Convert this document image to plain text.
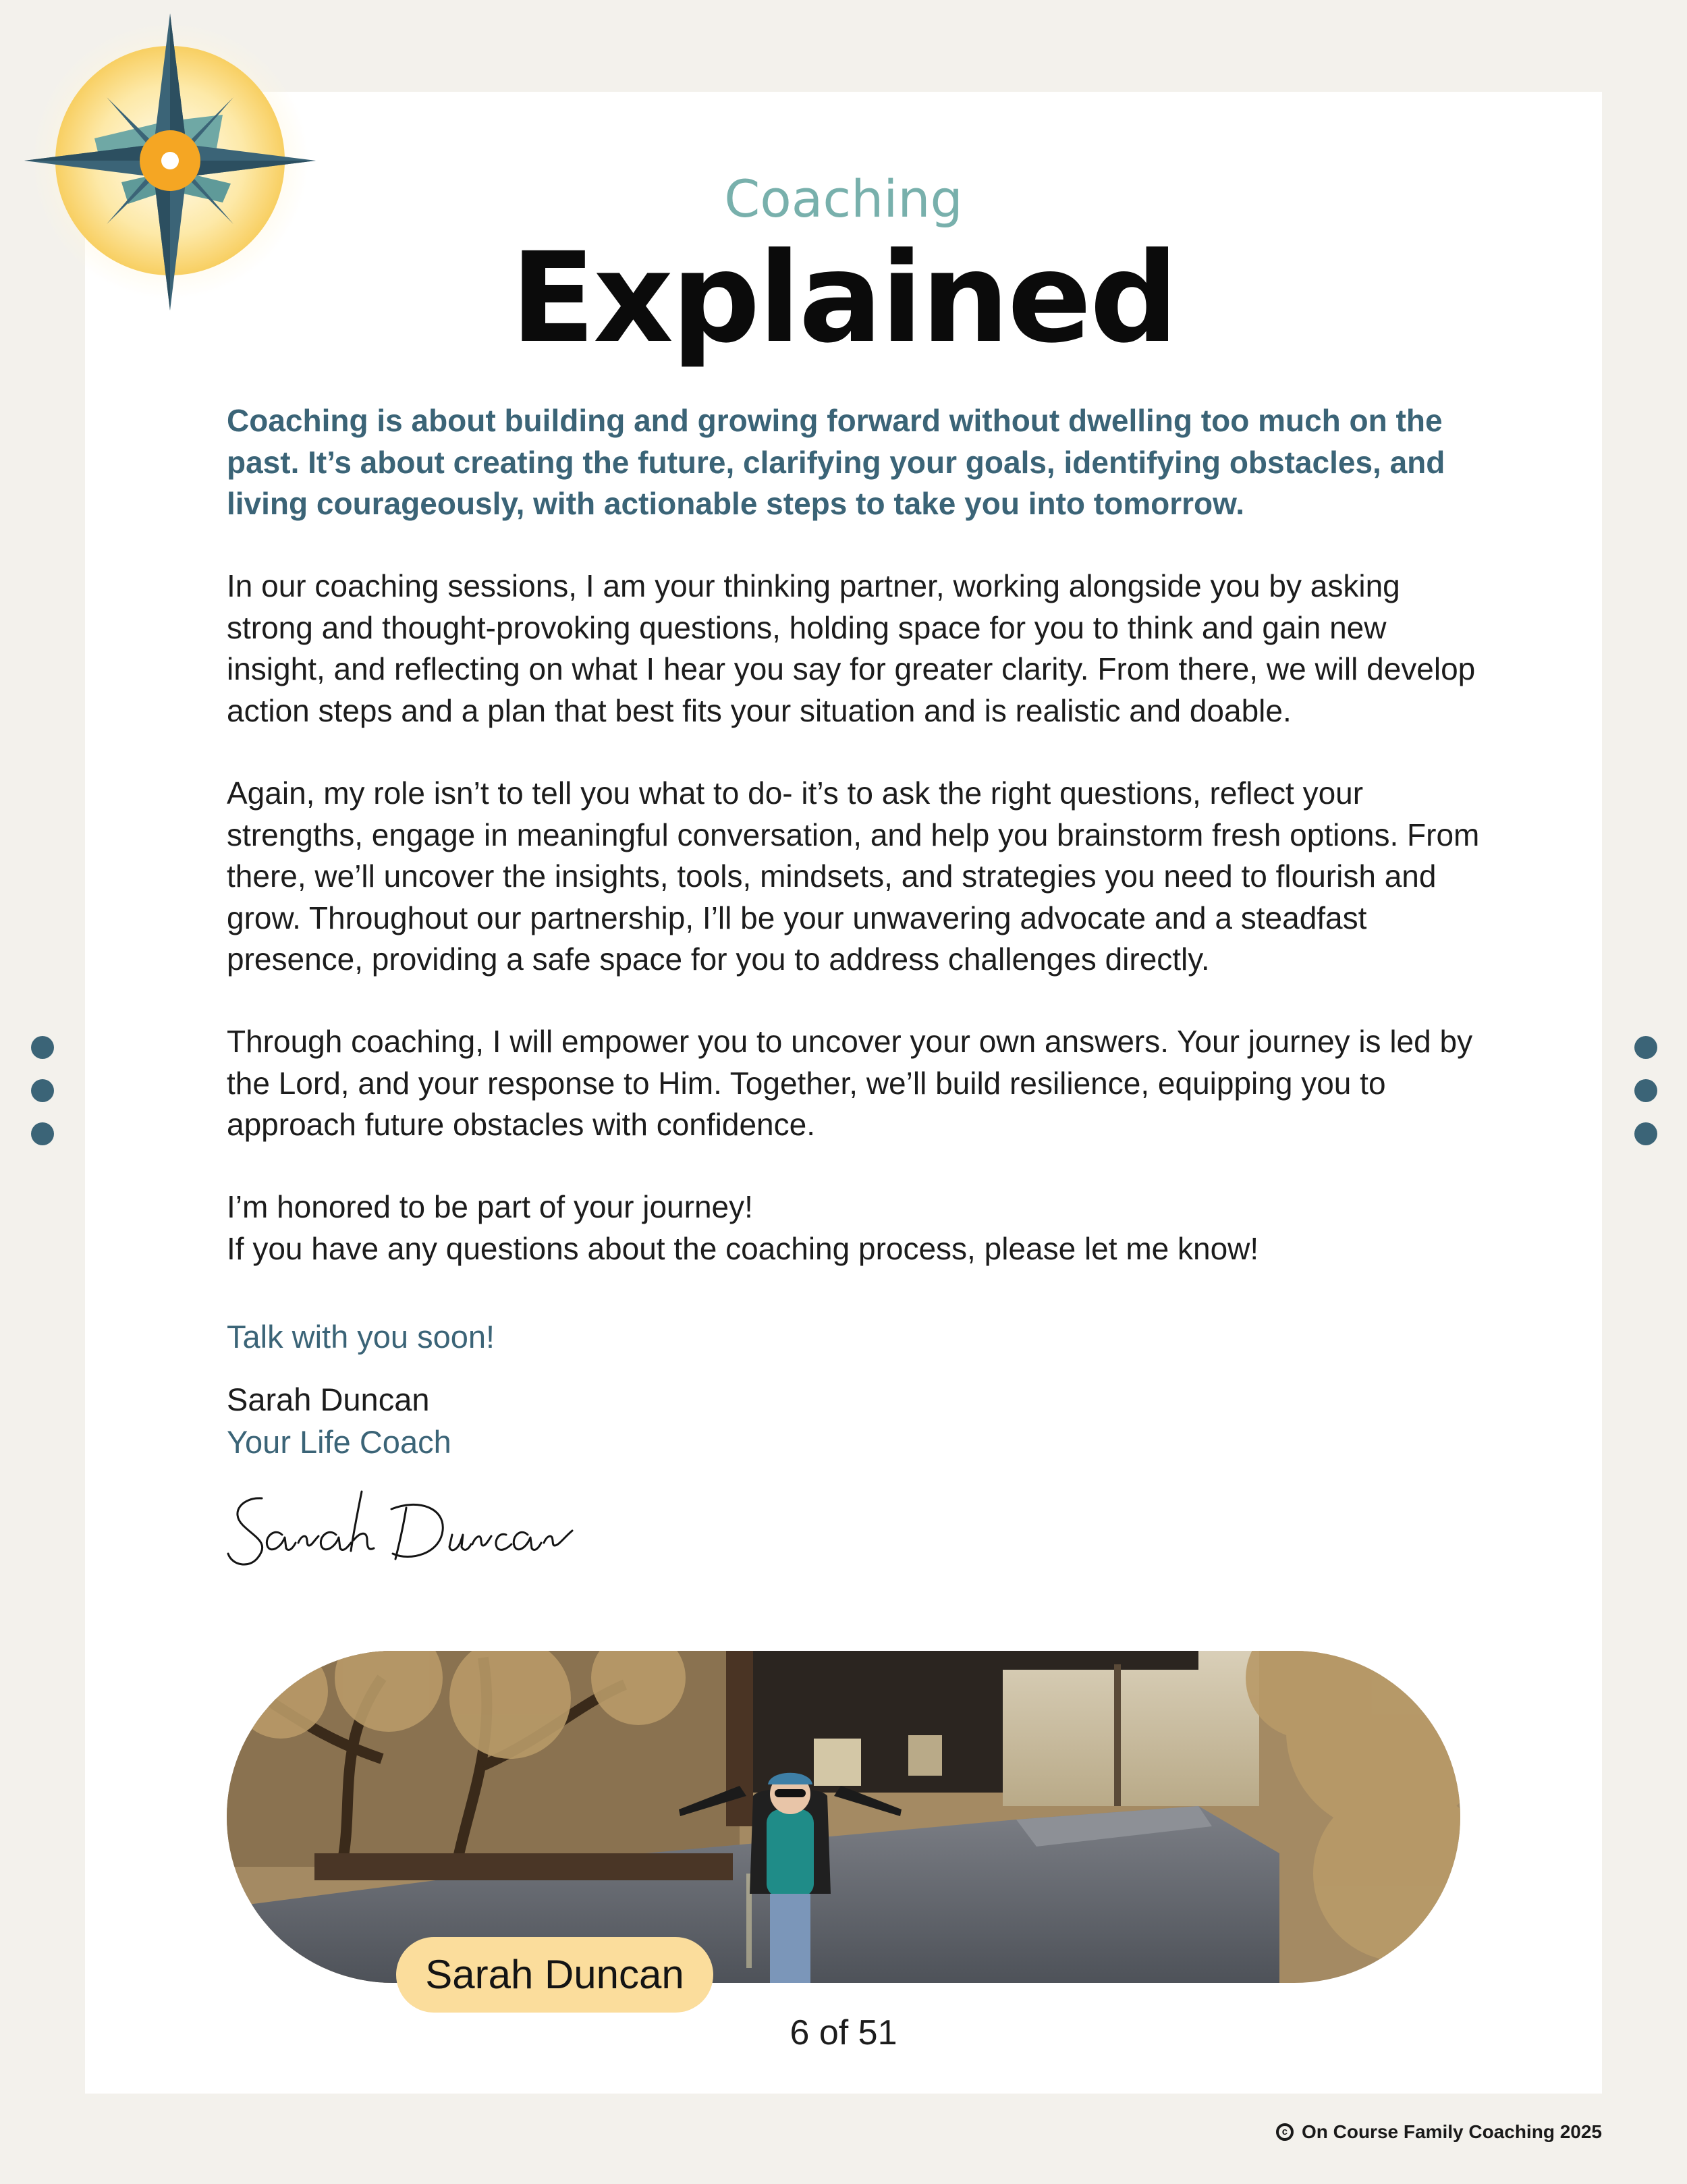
Coaching
Explained
Coaching is about building and growing forward without dwelling too much on the past. It’s about creating the future, clarifying your goals, identifying obstacles, and living courageously, with actionable steps to take you into tomorrow.
In our coaching sessions, I am your thinking partner, working alongside you by asking strong and thought-provoking questions, holding space for you to think and gain new insight, and reflecting on what I hear you say for greater clarity. From there, we will develop action steps and a plan that best fits your situation and is realistic and doable.
Again, my role isn’t to tell you what to do- it’s to ask the right questions, reflect your strengths, engage in meaningful conversation, and help you brainstorm fresh options. From there, we’ll uncover the insights, tools, mindsets, and strategies you need to flourish and grow. Throughout our partnership, I’ll be your unwavering advocate and a steadfast presence, providing a safe space for you to address challenges directly.
Through coaching, I will empower you to uncover your own answers. Your journey is led by the Lord, and your response to Him. Together, we’ll build resilience, equipping you to approach future obstacles with confidence.
I’m honored to be part of your journey!
If you have any questions about the coaching process, please let me know!
Talk with you soon!
Sarah Duncan
Your Life Coach
Sarah Duncan
6 of 51
c On Course Family Coaching 2025
